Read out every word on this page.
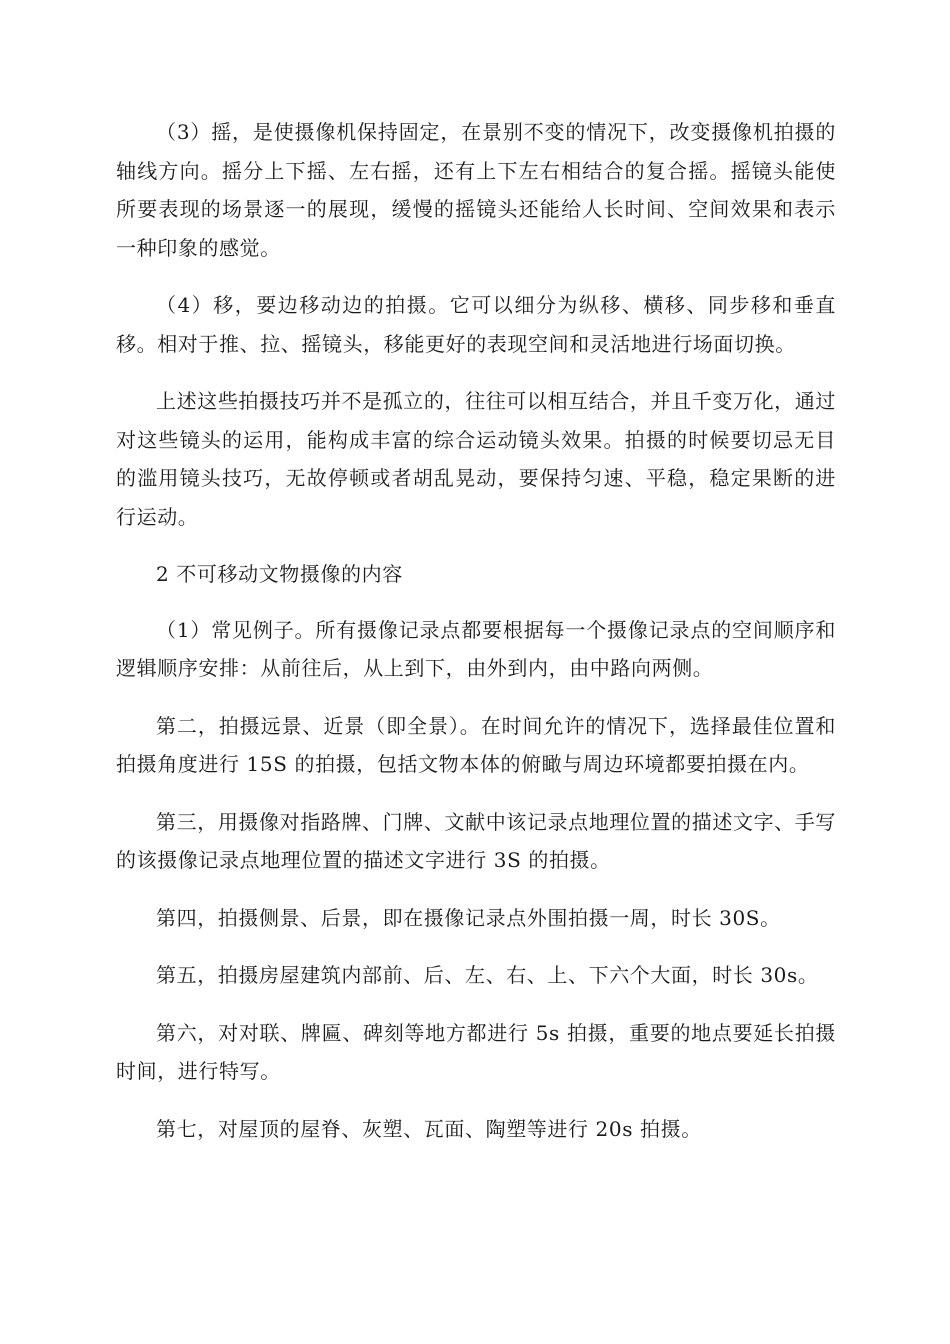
（3）摇，是使摄像机保持固定，在景别不变的情况下，改变摄像机拍摄的轴线方向。摇分上下摇、左右摇，还有上下左右相结合的复合摇。摇镜头能使所要表现的场景逐一的展现，缓慢的摇镜头还能给人长时间、空间效果和表示一种印象的感觉。

（4）移，要边移动边的拍摄。它可以细分为纵移、横移、同步移和垂直移。相对于推、拉、摇镜头，移能更好的表现空间和灵活地进行场面切换。

上述这些拍摄技巧并不是孤立的，往往可以相互结合，并且千变万化，通过对这些镜头的运用，能构成丰富的综合运动镜头效果。拍摄的时候要切忌无目的滥用镜头技巧，无故停顿或者胡乱晃动，要保持匀速、平稳，稳定果断的进行运动。

2 不可移动文物摄像的内容

（1）常见例子。所有摄像记录点都要根据每一个摄像记录点的空间顺序和逻辑顺序安排：从前往后，从上到下，由外到内，由中路向两侧。

第二，拍摄远景、近景（即全景）。在时间允许的情况下，选择最佳位置和拍摄角度进行 15S 的拍摄，包括文物本体的俯瞰与周边环境都要拍摄在内。

第三，用摄像对指路牌、门牌、文献中该记录点地理位置的描述文字、手写的该摄像记录点地理位置的描述文字进行 3S 的拍摄。

第四，拍摄侧景、后景，即在摄像记录点外围拍摄一周，时长 30S。

第五，拍摄房屋建筑内部前、后、左、右、上、下六个大面，时长 30s。

第六，对对联、牌匾、碑刻等地方都进行 5s 拍摄，重要的地点要延长拍摄时间，进行特写。

第七，对屋顶的屋脊、灰塑、瓦面、陶塑等进行 20s 拍摄。
